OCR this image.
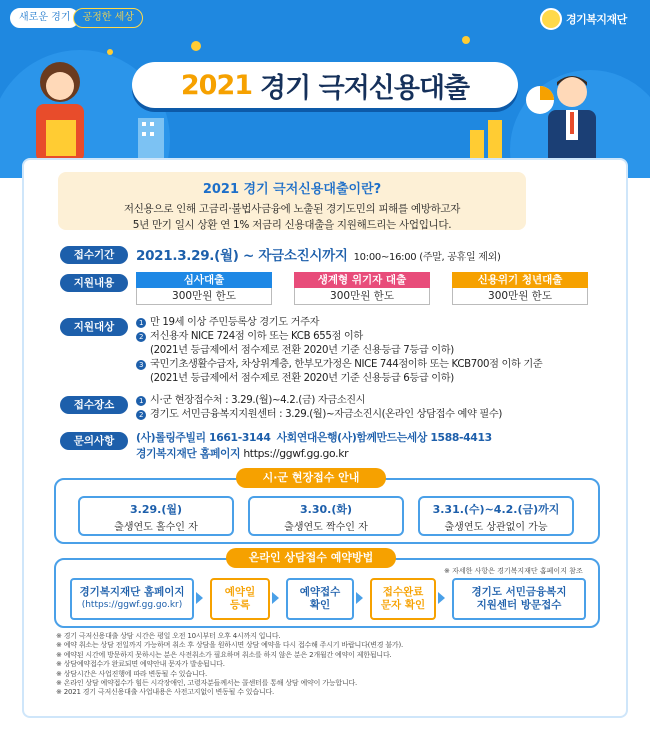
새로운 경기	공정한 세상	경기복지재단
2021 경기 극저신용대출
2021 경기 극저신용대출이란?
저신용으로 인해 고금리·불법사금융에 노출된 경기도민의 피해를 예방하고자
5년 만기 일시 상환 연 1% 저금리 신용대출을 지원해드리는 사업입니다.
접수기간	2021.3.29.(월) ~ 자금소진시까지 10:00~16:00 (주말, 공휴일 제외)
지원내용	심사대출
300만원 한도
생계형 위기자 대출
300만원 한도
신용위기 청년대출
300만원 한도
지원대상	1 만 19세 이상 주민등록상 경기도 거주자
2 저신용자 NICE 724점 이하 또는 KCB 655점 이하
(2021년 등급제에서 점수제로 전환 2020년 기준 신용등급 7등급 이하)
3 국민기초생활수급자, 차상위계층, 한부모가정은 NICE 744점이하 또는 KCB700점 이하 기준
(2021년 등급제에서 점수제로 전환 2020년 기준 신용등급 6등급 이하)
접수장소	1 시·군 현장접수처 : 3.29.(월)~4.2.(금) 자금소진시
2 경기도 서민금융복지지원센터 : 3.29.(월)~자금소진시(온라인 상담접수 예약 필수)
문의사항	(사)롤링주빌리 1661-3144 사회연대은행(사)함께만드는세상 1588-4413
경기복지재단 홈페이지 https://ggwf.gg.go.kr
시·군 현장접수 안내
3.29.(월)
출생연도 홀수인 자
3.30.(화)
출생연도 짝수인 자
3.31.(수)~4.2.(금)까지
출생연도 상관없이 가능
온라인 상담접수 예약방법
※ 자세한 사항은 경기복지재단 홈페이지 참조
경기복지재단 홈페이지
(https://ggwf.gg.go.kr)
예약일
등록
예약접수
확인
접수완료
문자 확인
경기도 서민금융복지
지원센터 방문접수
※ 경기 극저신용대출 상담 시간은 평일 오전 10시부터 오후 4시까지 입니다.
※ 예약 취소는 상담 전일까지 가능하며 취소 후 상담을 원하시면 상담 예약을 다시 접수해 주시기 바랍니다(변경 불가).
※ 예약된 시간에 방문하지 못하시는 분은 사전취소가 필요하며 취소를 하지 않은 분은 2개월간 예약이 제한됩니다.
※ 상담예약접수가 완료되면 예약안내 문자가 발송됩니다.
※ 상담시간은 사업진행에 따라 변동될 수 있습니다.
※ 온라인 상담 예약접수가 힘든 시각장애인, 고령자분들께서는 콜센터를 통해 상담 예약이 가능합니다.
※ 2021 경기 극저신용대출 사업내용은 사전고지없이 변동될 수 있습니다.
